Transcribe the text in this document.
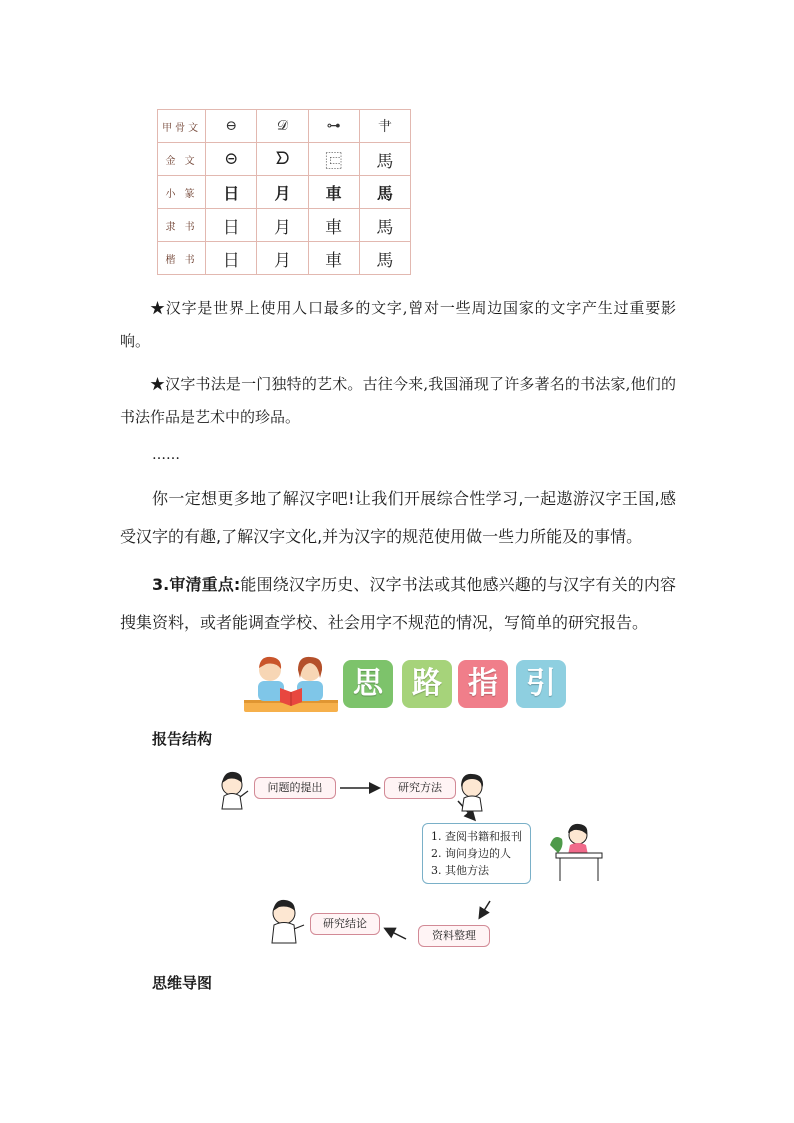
甲骨文	⊖	𝒟	⊶	⺺
金 文	⊝	ᗤ	⿷	⾺
小 篆	日	月	車	馬
隶 书	日	月	車	馬
楷 书	日	月	車	馬

★汉字是世界上使用人口最多的文字,曾对一些周边国家的文字产生过重要影响。

★汉字书法是一门独特的艺术。古往今来,我国涌现了许多著名的书法家,他们的书法作品是艺术中的珍品。

……

你一定想更多地了解汉字吧!让我们开展综合性学习,一起遨游汉字王国,感受汉字的有趣,了解汉字文化,并为汉字的规范使用做一些力所能及的事情。

3.审清重点:能围绕汉字历史、汉字书法或其他感兴趣的与汉字有关的内容搜集资料，或者能调查学校、社会用字不规范的情况，写简单的研究报告。

思 路 指 引
报告结构
问题的提出	研究方法
1. 查阅书籍和报刊
2. 询问身边的人
3. 其他方法
资料整理
研究结论
思维导图
